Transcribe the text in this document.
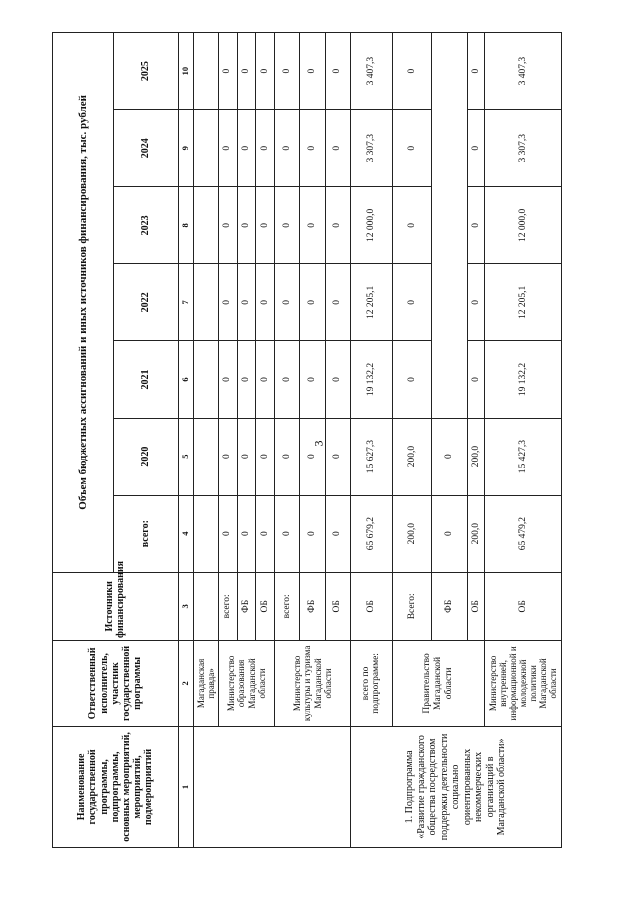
3
Наименование государственной программы, подпрограммы, основных мероприятий, мероприятий, подмероприятий	Ответственный исполнитель, участник государственной программы	Источники финансирования	Объем бюджетных ассигнований и иных источников финансирования, тыс. рублей						
			всего:	2020	2021	2022	2023	2024	2025
1	2	3	4	5	6	7	8	9	10
	Магаданская правда»								
	Министерство образования Магаданской области	всего:	0	0	0	0	0	0	0
		ФБ	0	0	0	0	0	0	0
		ОБ	0	0	0	0	0	0	0
	Министерство культуры и туризма Магаданской области	всего:	0	0	0	0	0	0	0
		ФБ	0	0	0	0	0	0	0
		ОБ	0	0	0	0	0	0	0
1. Подпрограмма «Развитие гражданского общества посредством поддержки деятельности социально ориентированных некоммерческих организаций в Магаданской области»	всего по подпрограмме:	ОБ	65 679,2	15 627,3	19 132,2	12 205,1	12 000,0	3 307,3	3 407,3
	Правительство Магаданской области	Всего:	200,0	200,0	0	0	0	0	0
		ФБ	0	0					
		ОБ	200,0	200,0	0	0	0	0	0
	Министерство внутренней, информационной и молодежной политики Магаданской области	ОБ	65 479,2	15 427,3	19 132,2	12 205,1	12 000,0	3 307,3	3 407,3
